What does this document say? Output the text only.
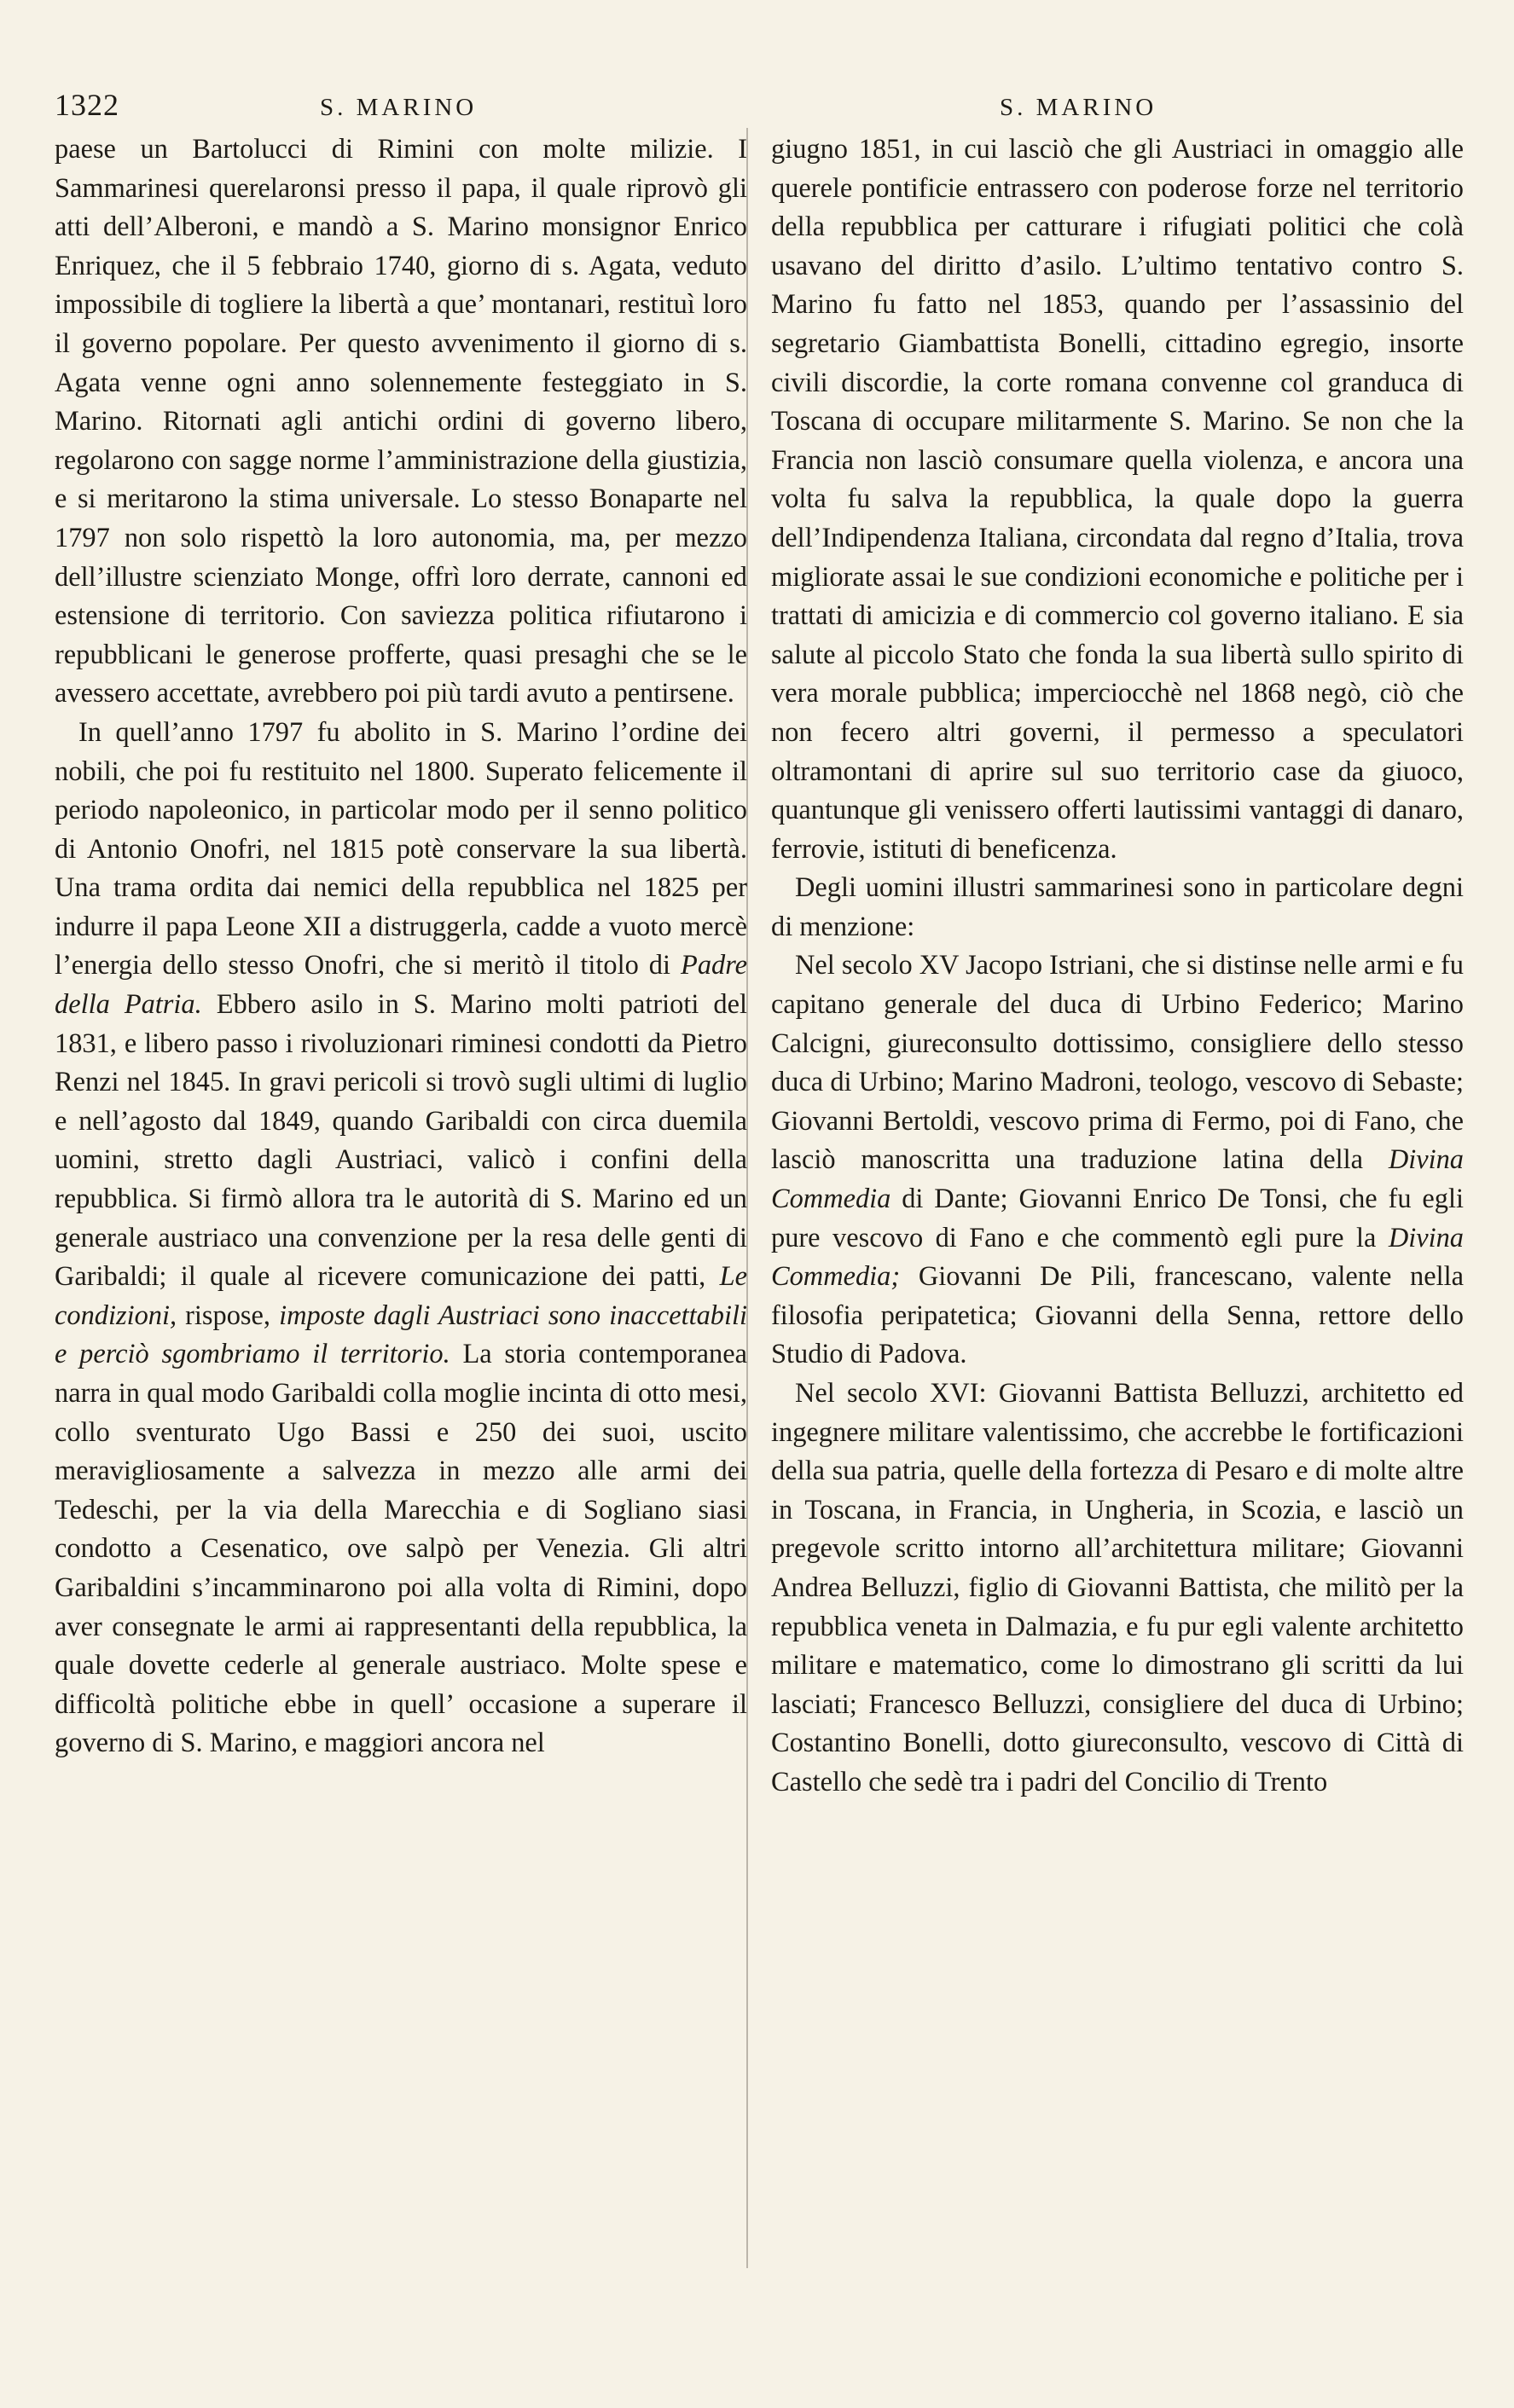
1322	S. MARINO	S. MARINO

paese un Bartolucci di Rimini con molte milizie. I Sammarinesi querelaronsi presso il papa, il quale riprovò gli atti dell’Alberoni, e mandò a S. Marino monsignor Enrico Enriquez, che il 5 febbraio 1740, giorno di s. Agata, veduto impossibile di togliere la libertà a que’ montanari, restituì loro il governo popolare. Per questo avvenimento il giorno di s. Agata venne ogni anno solennemente festeggiato in S. Marino. Ritornati agli antichi ordini di governo libero, regolarono con sagge norme l’amministrazione della giustizia, e si meritarono la stima universale. Lo stesso Bonaparte nel 1797 non solo rispettò la loro autonomia, ma, per mezzo dell’illustre scienziato Monge, offrì loro derrate, cannoni ed estensione di territorio. Con saviezza politica rifiutarono i repubblicani le generose profferte, quasi presaghi che se le avessero accettate, avrebbero poi più tardi avuto a pentirsene.

In quell’anno 1797 fu abolito in S. Marino l’ordine dei nobili, che poi fu restituito nel 1800. Superato felicemente il periodo napoleonico, in particolar modo per il senno politico di Antonio Onofri, nel 1815 potè conservare la sua libertà. Una trama ordita dai nemici della repubblica nel 1825 per indurre il papa Leone XII a distruggerla, cadde a vuoto mercè l’energia dello stesso Onofri, che si meritò il titolo di Padre della Patria. Ebbero asilo in S. Marino molti patrioti del 1831, e libero passo i rivoluzionari riminesi condotti da Pietro Renzi nel 1845. In gravi pericoli si trovò sugli ultimi di luglio e nell’agosto dal 1849, quando Garibaldi con circa duemila uomini, stretto dagli Austriaci, valicò i confini della repubblica. Si firmò allora tra le autorità di S. Marino ed un generale austriaco una convenzione per la resa delle genti di Garibaldi; il quale al ricevere comunicazione dei patti, Le condizioni, rispose, imposte dagli Austriaci sono inaccettabili e perciò sgombriamo il territorio. La storia contemporanea narra in qual modo Garibaldi colla moglie incinta di otto mesi, collo sventurato Ugo Bassi e 250 dei suoi, uscito meravigliosamente a salvezza in mezzo alle armi dei Tedeschi, per la via della Marecchia e di Sogliano siasi condotto a Cesenatico, ove salpò per Venezia. Gli altri Garibaldini s’incamminarono poi alla volta di Rimini, dopo aver consegnate le armi ai rappresentanti della repubblica, la quale dovette cederle al generale austriaco. Molte spese e difficoltà politiche ebbe in quell’ occasione a superare il governo di S. Marino, e maggiori ancora nel

giugno 1851, in cui lasciò che gli Austriaci in omaggio alle querele pontificie entrassero con poderose forze nel territorio della repubblica per catturare i rifugiati politici che colà usavano del diritto d’asilo. L’ultimo tentativo contro S. Marino fu fatto nel 1853, quando per l’assassinio del segretario Giambattista Bonelli, cittadino egregio, insorte civili discordie, la corte romana convenne col granduca di Toscana di occupare militarmente S. Marino. Se non che la Francia non lasciò consumare quella violenza, e ancora una volta fu salva la repubblica, la quale dopo la guerra dell’Indipendenza Italiana, circondata dal regno d’Italia, trova migliorate assai le sue condizioni economiche e politiche per i trattati di amicizia e di commercio col governo italiano. E sia salute al piccolo Stato che fonda la sua libertà sullo spirito di vera morale pubblica; imperciocchè nel 1868 negò, ciò che non fecero altri governi, il permesso a speculatori oltramontani di aprire sul suo territorio case da giuoco, quantunque gli venissero offerti lautissimi vantaggi di danaro, ferrovie, istituti di beneficenza.

Degli uomini illustri sammarinesi sono in particolare degni di menzione:

Nel secolo XV Jacopo Istriani, che si distinse nelle armi e fu capitano generale del duca di Urbino Federico; Marino Calcigni, giureconsulto dottissimo, consigliere dello stesso duca di Urbino; Marino Madroni, teologo, vescovo di Sebaste; Giovanni Bertoldi, vescovo prima di Fermo, poi di Fano, che lasciò manoscritta una traduzione latina della Divina Commedia di Dante; Giovanni Enrico De Tonsi, che fu egli pure vescovo di Fano e che commentò egli pure la Divina Commedia; Giovanni De Pili, francescano, valente nella filosofia peripatetica; Giovanni della Senna, rettore dello Studio di Padova.

Nel secolo XVI: Giovanni Battista Belluzzi, architetto ed ingegnere militare valentissimo, che accrebbe le fortificazioni della sua patria, quelle della fortezza di Pesaro e di molte altre in Toscana, in Francia, in Ungheria, in Scozia, e lasciò un pregevole scritto intorno all’architettura militare; Giovanni Andrea Belluzzi, figlio di Giovanni Battista, che militò per la repubblica veneta in Dalmazia, e fu pur egli valente architetto militare e matematico, come lo dimostrano gli scritti da lui lasciati; Francesco Belluzzi, consigliere del duca di Urbino; Costantino Bonelli, dotto giureconsulto, vescovo di Città di Castello che sedè tra i padri del Concilio di Trento
